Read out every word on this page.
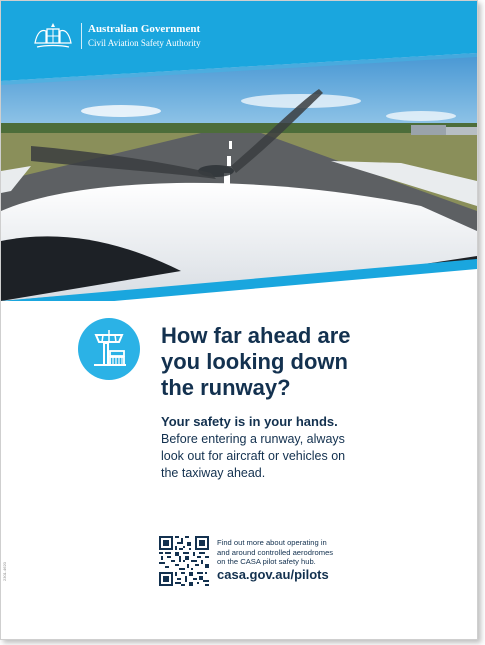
Australian Government
Civil Aviation Safety Authority
How far ahead are
you looking down
the runway?
Your safety is in your hands.
Before entering a runway, always
look out for aircraft or vehicles on
the taxiway ahead.
Find out more about operating in
and around controlled aerodromes
on the CASA pilot safety hub.
casa.gov.au/pilots
2301.4620
